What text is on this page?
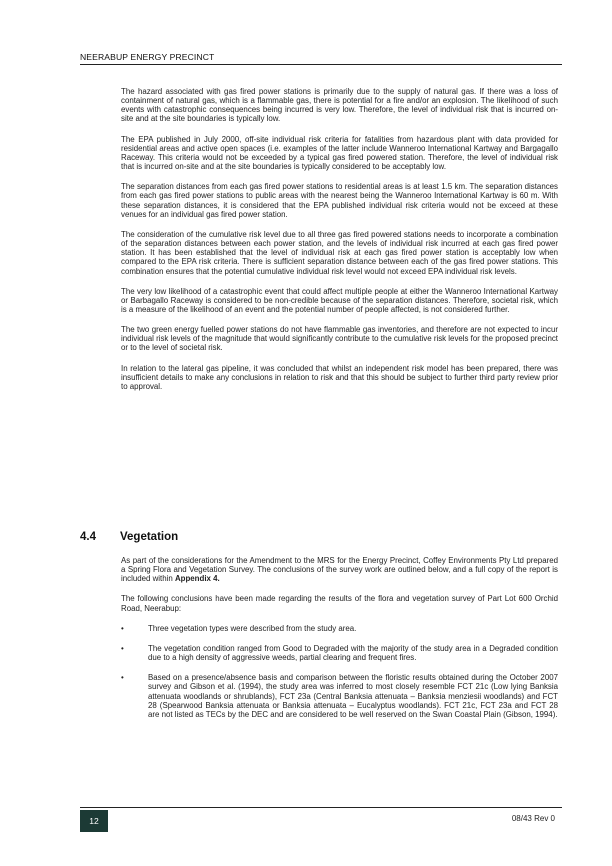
NEERABUP ENERGY PRECINCT

The hazard associated with gas fired power stations is primarily due to the supply of natural gas. If there was a loss of containment of natural gas, which is a flammable gas, there is potential for a fire and/or an explosion. The likelihood of such events with catastrophic consequences being incurred is very low. Therefore, the level of individual risk that is incurred on-site and at the site boundaries is typically low.

The EPA published in July 2000, off-site individual risk criteria for fatalities from hazardous plant with data provided for residential areas and active open spaces (i.e. examples of the latter include Wanneroo International Kartway and Bargagallo Raceway. This criteria would not be exceeded by a typical gas fired powered station. Therefore, the level of individual risk that is incurred on-site and at the site boundaries is typically considered to be acceptably low.

The separation distances from each gas fired power stations to residential areas is at least 1.5 km. The separation distances from each gas fired power stations to public areas with the nearest being the Wanneroo International Kartway is 60 m. With these separation distances, it is considered that the EPA published individual risk criteria would not be exceed at these venues for an individual gas fired power station.

The consideration of the cumulative risk level due to all three gas fired powered stations needs to incorporate a combination of the separation distances between each power station, and the levels of individual risk incurred at each gas fired power station. It has been established that the level of individual risk at each gas fired power station is acceptably low when compared to the EPA risk criteria. There is sufficient separation distance between each of the gas fired power stations. This combination ensures that the potential cumulative individual risk level would not exceed EPA individual risk levels.

The very low likelihood of a catastrophic event that could affect multiple people at either the Wanneroo International Kartway or Barbagallo Raceway is considered to be non-credible because of the separation distances. Therefore, societal risk, which is a measure of the likelihood of an event and the potential number of people affected, is not considered further.

The two green energy fuelled power stations do not have flammable gas inventories, and therefore are not expected to incur individual risk levels of the magnitude that would significantly contribute to the cumulative risk levels for the proposed precinct or to the level of societal risk.

In relation to the lateral gas pipeline, it was concluded that whilst an independent risk model has been prepared, there was insufficient details to make any conclusions in relation to risk and that this should be subject to further third party review prior to approval.

4.4 Vegetation

As part of the considerations for the Amendment to the MRS for the Energy Precinct, Coffey Environments Pty Ltd prepared a Spring Flora and Vegetation Survey. The conclusions of the survey work are outlined below, and a full copy of the report is included within Appendix 4.

The following conclusions have been made regarding the results of the flora and vegetation survey of Part Lot 600 Orchid Road, Neerabup:

•	Three vegetation types were described from the study area.
•	The vegetation condition ranged from Good to Degraded with the majority of the study area in a Degraded condition due to a high density of aggressive weeds, partial clearing and frequent fires.
•	Based on a presence/absence basis and comparison between the floristic results obtained during the October 2007 survey and Gibson et al. (1994), the study area was inferred to most closely resemble FCT 21c (Low lying Banksia attenuata woodlands or shrublands), FCT 23a (Central Banksia attenuata – Banksia menziesii woodlands) and FCT 28 (Spearwood Banksia attenuata or Banksia attenuata – Eucalyptus woodlands). FCT 21c, FCT 23a and FCT 28 are not listed as TECs by the DEC and are considered to be well reserved on the Swan Coastal Plain (Gibson, 1994).
12	08/43 Rev 0
